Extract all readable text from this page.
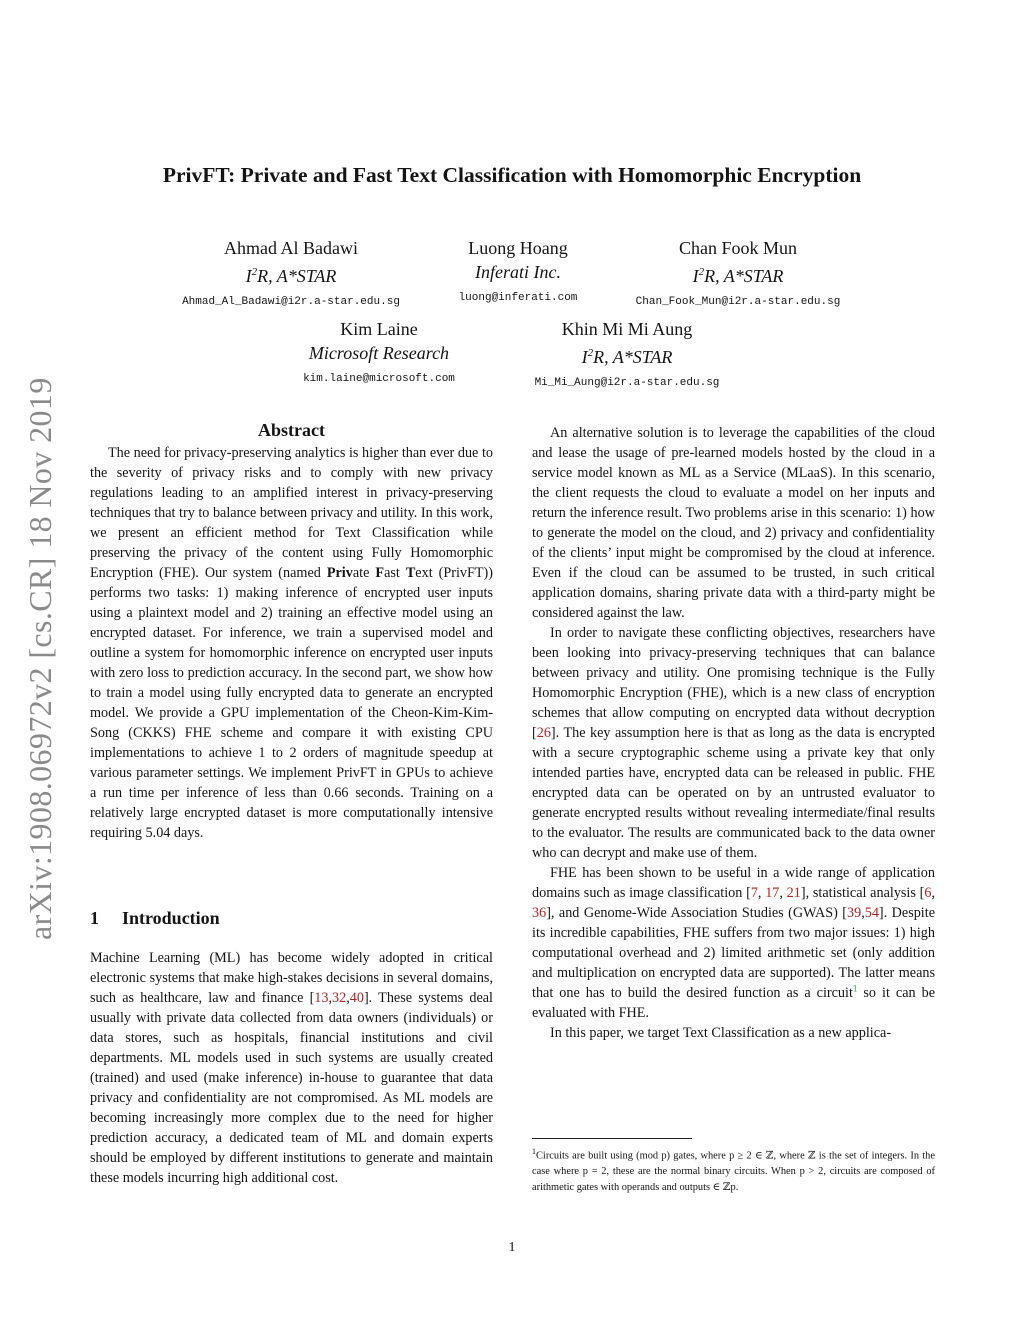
arXiv:1908.06972v2 [cs.CR] 18 Nov 2019
PrivFT: Private and Fast Text Classification with Homomorphic Encryption
Ahmad Al Badawi
$I^2R$, A*STAR
Ahmad_Al_Badawi@i2r.a-star.edu.sg
Luong Hoang
Inferati Inc.
luong@inferati.com
Chan Fook Mun
$I^2R$, A*STAR
Chan_Fook_Mun@i2r.a-star.edu.sg
Kim Laine
Microsoft Research
kim.laine@microsoft.com
Khin Mi Mi Aung
$I^2R$, A*STAR
Mi_Mi_Aung@i2r.a-star.edu.sg
Abstract

The need for privacy-preserving analytics is higher than ever due to the severity of privacy risks and to comply with new privacy regulations leading to an amplified interest in privacy-preserving techniques that try to balance between privacy and utility. In this work, we present an efficient method for Text Classification while preserving the privacy of the content using Fully Homomorphic Encryption (FHE). Our system (named Private Fast Text (PrivFT)) performs two tasks: 1) making inference of encrypted user inputs using a plaintext model and 2) training an effective model using an encrypted dataset. For inference, we train a supervised model and outline a system for homomorphic inference on encrypted user inputs with zero loss to prediction accuracy. In the second part, we show how to train a model using fully encrypted data to generate an encrypted model. We provide a GPU implementation of the Cheon-Kim-Kim-Song (CKKS) FHE scheme and compare it with existing CPU implementations to achieve 1 to 2 orders of magnitude speedup at various parameter settings. We implement PrivFT in GPUs to achieve a run time per inference of less than 0.66 seconds. Training on a relatively large encrypted dataset is more computationally intensive requiring 5.04 days.

1 Introduction

Machine Learning (ML) has become widely adopted in critical electronic systems that make high-stakes decisions in several domains, such as healthcare, law and finance [13,32,40]. These systems deal usually with private data collected from data owners (individuals) or data stores, such as hospitals, financial institutions and civil departments. ML models used in such systems are usually created (trained) and used (make inference) in-house to guarantee that data privacy and confidentiality are not compromised. As ML models are becoming increasingly more complex due to the need for higher prediction accuracy, a dedicated team of ML and domain experts should be employed by different institutions to generate and maintain these models incurring high additional cost.

An alternative solution is to leverage the capabilities of the cloud and lease the usage of pre-learned models hosted by the cloud in a service model known as ML as a Service (MLaaS). In this scenario, the client requests the cloud to evaluate a model on her inputs and return the inference result. Two problems arise in this scenario: 1) how to generate the model on the cloud, and 2) privacy and confidentiality of the clients’ input might be compromised by the cloud at inference. Even if the cloud can be assumed to be trusted, in such critical application domains, sharing private data with a third-party might be considered against the law.

In order to navigate these conflicting objectives, researchers have been looking into privacy-preserving techniques that can balance between privacy and utility. One promising technique is the Fully Homomorphic Encryption (FHE), which is a new class of encryption schemes that allow computing on encrypted data without decryption [26]. The key assumption here is that as long as the data is encrypted with a secure cryptographic scheme using a private key that only intended parties have, encrypted data can be released in public. FHE encrypted data can be operated on by an untrusted evaluator to generate encrypted results without revealing intermediate/final results to the evaluator. The results are communicated back to the data owner who can decrypt and make use of them.

FHE has been shown to be useful in a wide range of application domains such as image classification [7, 17, 21], statistical analysis [6, 36], and Genome-Wide Association Studies (GWAS) [39,54]. Despite its incredible capabilities, FHE suffers from two major issues: 1) high computational overhead and 2) limited arithmetic set (only addition and multiplication on encrypted data are supported). The latter means that one has to build the desired function as a circuit$^1$ so it can be evaluated with FHE.

In this paper, we target Text Classification as a new applica-

$^1$Circuits are built using (mod p) gates, where p ≥ 2 ∈ ℤ, where ℤ is the set of integers. In the case where p = 2, these are the normal binary circuits. When p > 2, circuits are composed of arithmetic gates with operands and outputs ∈ ℤp.
1
